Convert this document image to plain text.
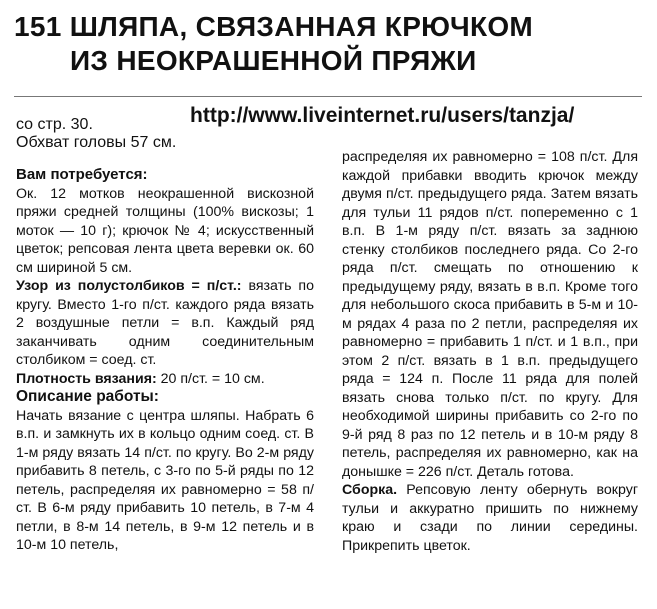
151 ШЛЯПА, СВЯЗАННАЯ КРЮЧКОМ
ИЗ НЕОКРАШЕННОЙ ПРЯЖИ
со стр. 30.
Обхват головы 57 см.
http://www.liveinternet.ru/users/tanzja/

Вам потребуется:

Ок. 12 мотков неокрашенной вискозной пряжи средней толщины (100% вискозы; 1 моток — 10 г); крючок № 4; искусственный цветок; репсовая лента цвета веревки ок. 60 см шириной 5 см.

Узор из полустолбиков = п/ст.: вязать по кругу. Вместо 1-го п/ст. каждого ряда вязать 2 воздушные петли = в.п. Каждый ряд заканчивать одним соединительным столбиком = соед. ст.

Плотность вязания: 20 п/ст. = 10 см.

Описание работы:

Начать вязание с центра шляпы. Набрать 6 в.п. и замкнуть их в кольцо одним соед. ст. В 1-м ряду вязать 14 п/ст. по кругу. Во 2-м ряду прибавить 8 петель, с 3-го по 5-й ряды по 12 петель, распределяя их равномерно = 58 п/ст. В 6-м ряду прибавить 10 петель, в 7-м 4 петли, в 8-м 14 петель, в 9-м 12 петель и в 10-м 10 петель,

распределяя их равномерно = 108 п/ст. Для каждой прибавки вводить крючок между двумя п/ст. предыдущего ряда. Затем вязать для тульи 11 рядов п/ст. попеременно с 1 в.п. В 1-м ряду п/ст. вязать за заднюю стенку столбиков последнего ряда. Со 2-го ряда п/ст. смещать по отношению к предыдущему ряду, вязать в в.п. Кроме того для небольшого скоса прибавить в 5-м и 10-м рядах 4 раза по 2 петли, распределяя их равномерно = прибавить 1 п/ст. и 1 в.п., при этом 2 п/ст. вязать в 1 в.п. предыдущего ряда = 124 п. После 11 ряда для полей вязать снова только п/ст. по кругу. Для необходимой ширины прибавить со 2-го по 9-й ряд 8 раз по 12 петель и в 10-м ряду 8 петель, распределяя их равномерно, как на донышке = 226 п/ст. Деталь готова.

Сборка. Репсовую ленту обернуть вокруг тульи и аккуратно пришить по нижнему краю и сзади по линии середины. Прикрепить цветок.
